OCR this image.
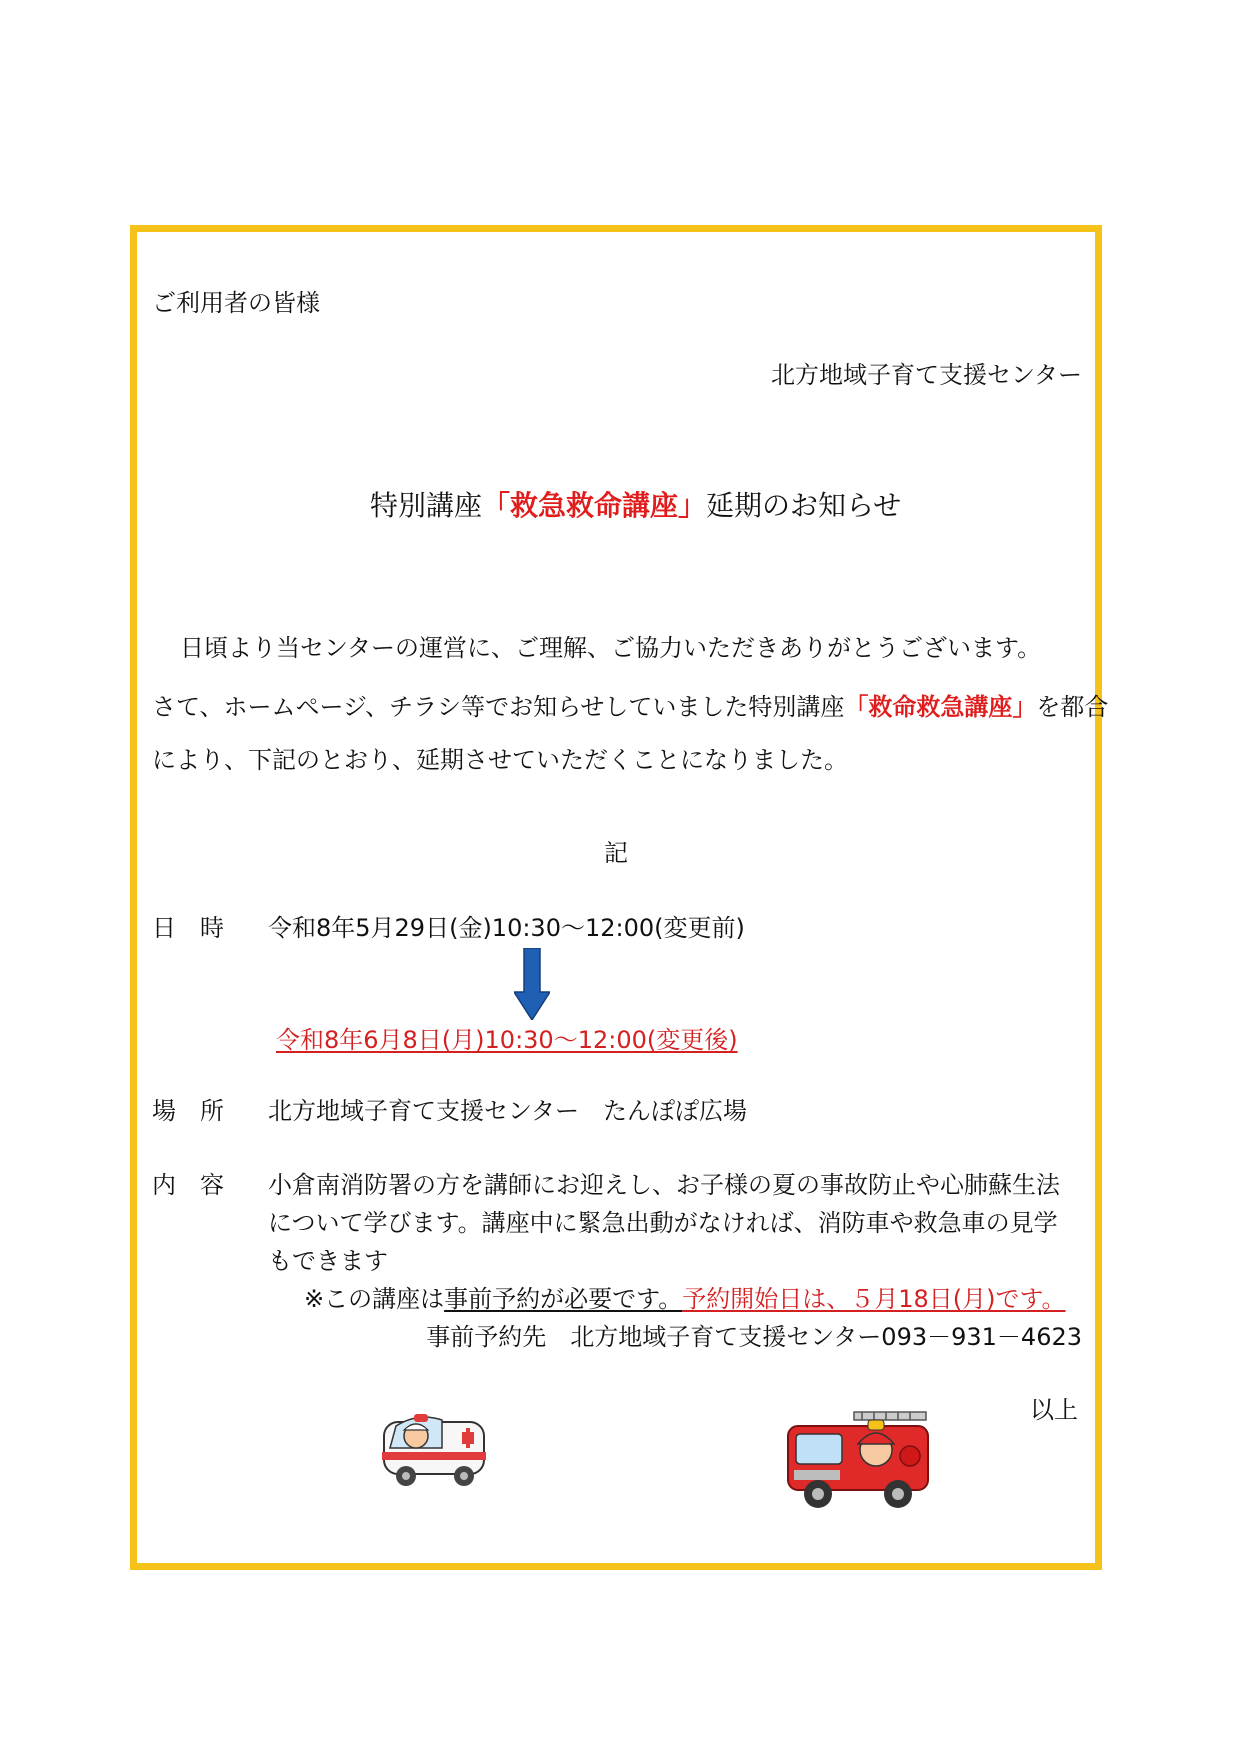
ご利用者の皆様
北方地域子育て支援センター
特別講座「救急救命講座」延期のお知らせ
日頃より当センターの運営に、ご理解、ご協力いただきありがとうございます。
さて、ホームページ、チラシ等でお知らせしていました特別講座「救命救急講座」を都合
により、下記のとおり、延期させていただくことになりました。
記
日　時 令和8年5月29日(金)10:30～12:00(変更前)
令和8年6月8日(月)10:30～12:00(変更後)
場　所 北方地域子育て支援センター　たんぽぽ広場
内　容 小倉南消防署の方を講師にお迎えし、お子様の夏の事故防止や心肺蘇生法
について学びます。講座中に緊急出動がなければ、消防車や救急車の見学
もできます
※この講座は事前予約が必要です。予約開始日は、５月18日(月)です。
事前予約先　北方地域子育て支援センター093－931－4623
以上
